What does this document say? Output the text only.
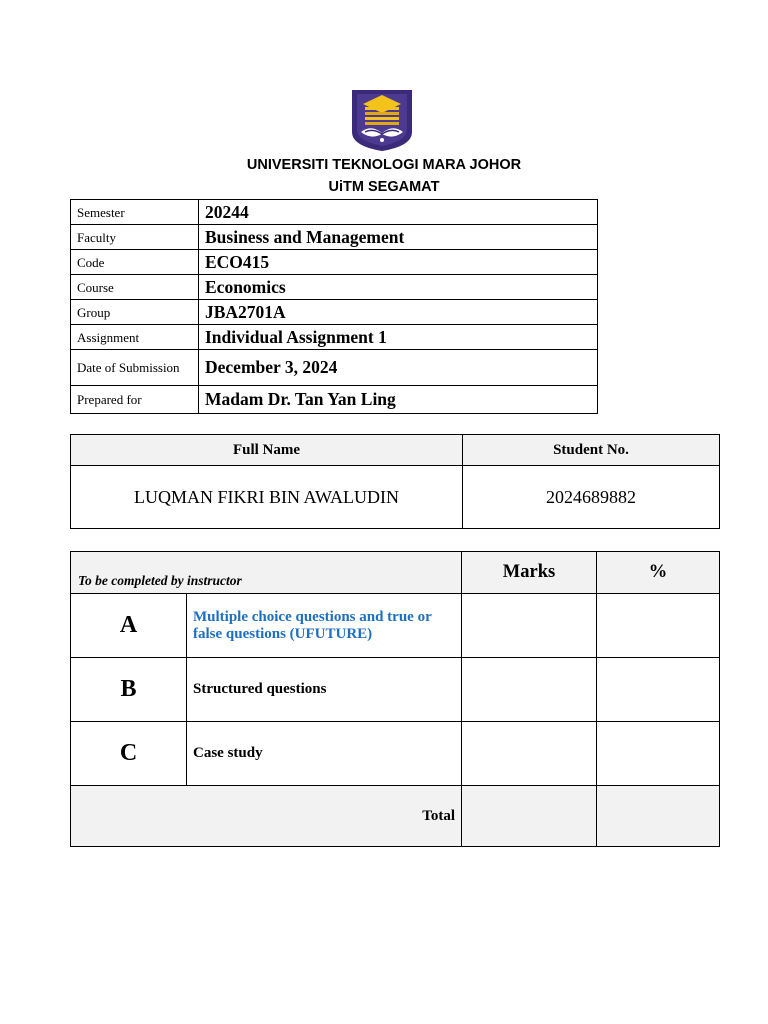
UNIVERSITI TEKNOLOGI MARA JOHOR
UiTM SEGAMAT
Semester	20244
Faculty	Business and Management
Code	ECO415
Course	Economics
Group	JBA2701A
Assignment	Individual Assignment 1
Date of Submission	December 3, 2024
Prepared for	Madam Dr. Tan Yan Ling
Full Name	Student No.
LUQMAN FIKRI BIN AWALUDIN	2024689882
To be completed by instructor		Marks	%
A	Multiple choice questions and true or false questions (UFUTURE)		
B	Structured questions		
C	Case study		
Total			
